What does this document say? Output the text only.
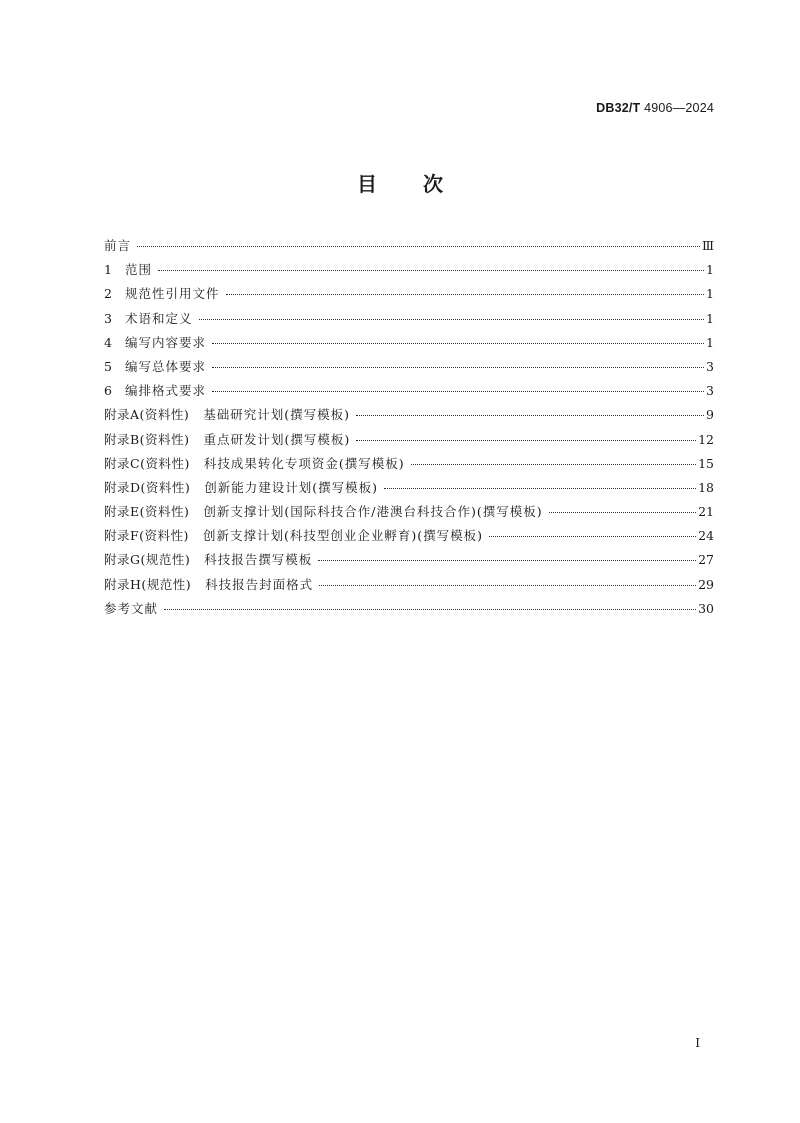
DB32/T 4906—2024
目次
前言	Ⅲ
1	范围	1
2	规范性引用文件	1
3	术语和定义	1
4	编写内容要求	1
5	编写总体要求	3
6	编排格式要求	3
附录A(资料性) 基础研究计划(撰写模板)	9
附录B(资料性) 重点研发计划(撰写模板)	12
附录C(资料性) 科技成果转化专项资金(撰写模板)	15
附录D(资料性) 创新能力建设计划(撰写模板)	18
附录E(资料性) 创新支撑计划(国际科技合作/港澳台科技合作)(撰写模板)	21
附录F(资料性) 创新支撑计划(科技型创业企业孵育)(撰写模板)	24
附录G(规范性) 科技报告撰写模板	27
附录H(规范性) 科技报告封面格式	29
参考文献	30
I
